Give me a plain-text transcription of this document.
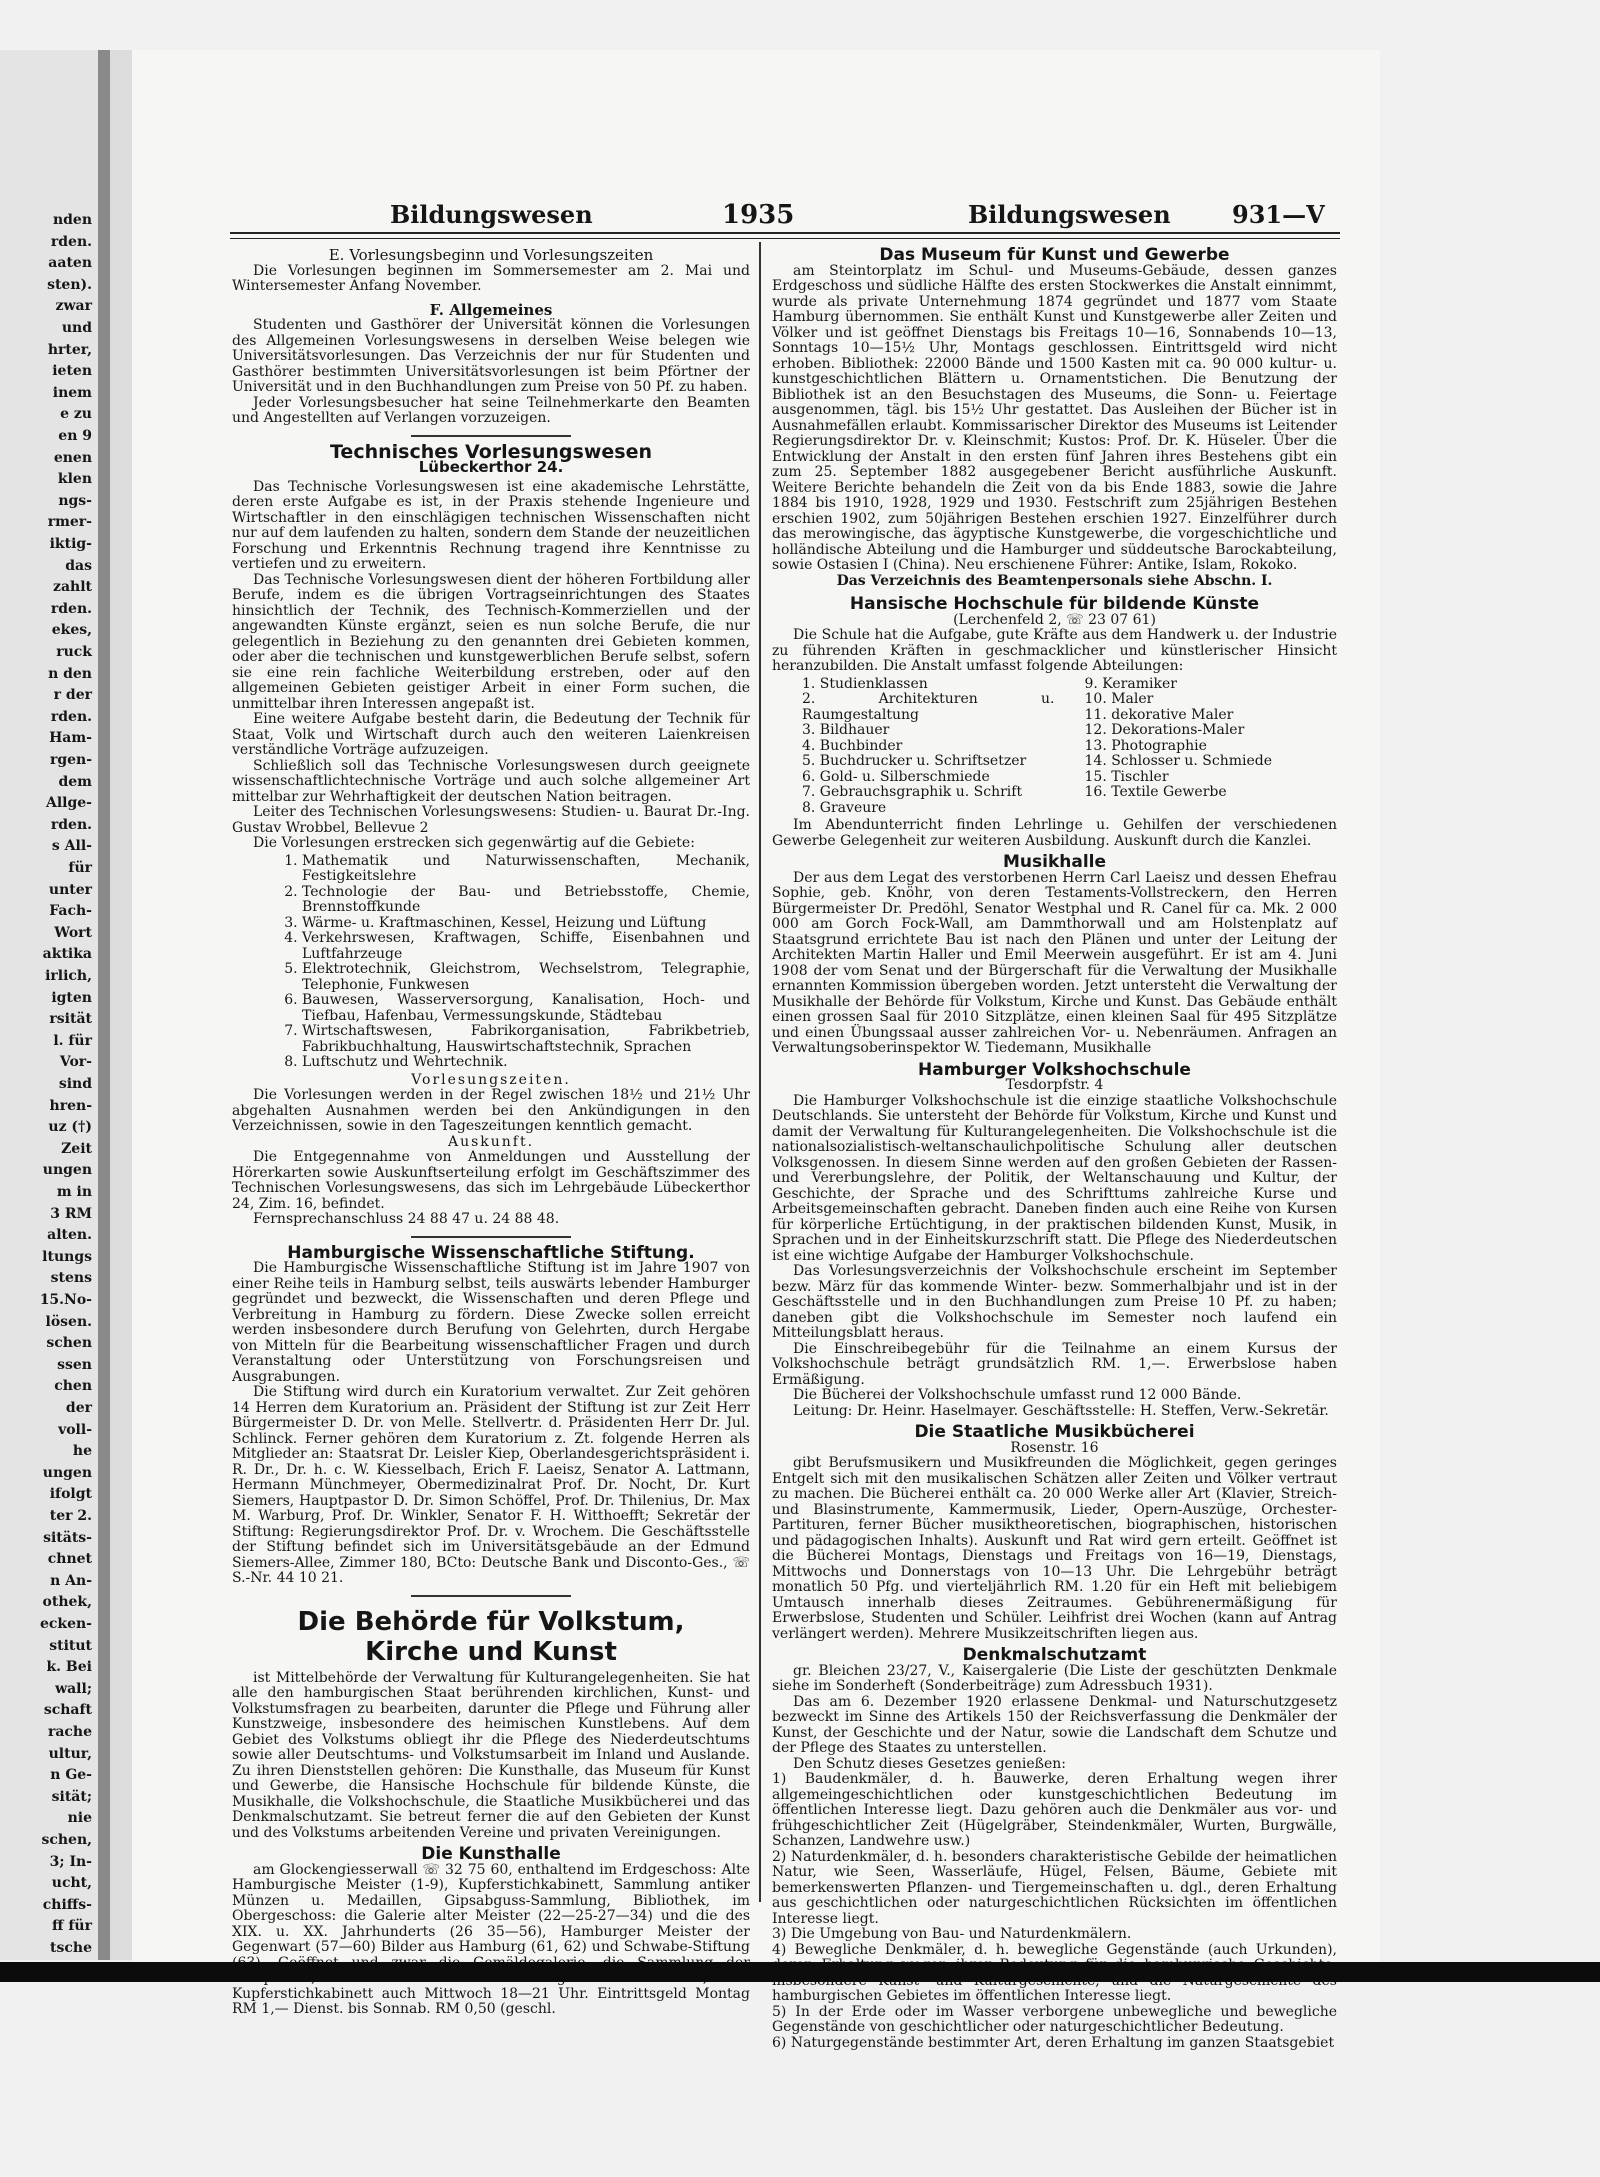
nden
rden.
aaten
sten).
zwar
und
hrter,
ieten
inem
e zu
en 9
enen
klen
ngs-
rmer-
iktig-
das
zahlt
rden.
ekes,
ruck
n den
r der
rden.
Ham-
rgen-
dem
Allge-
rden.
s All-
für
unter
Fach-
Wort
aktika
irlich,
igten
rsität
l. für
Vor-
sind
hren-
uz (†)
Zeit
ungen
m in
3 RM
alten.
ltungs
stens
15.No-
lösen.
schen
ssen
chen
der
voll-
he
ungen
ifolgt
ter 2.
sitäts-
chnet
n An-
othek,
ecken-
stitut
k. Bei
wall;
schaft
rache
ultur,
n Ge-
sität;
nie
schen,
3; In-
ucht,
chiffs-
ff für
tsche
Bildungswesen	1935	Bildungswesen	931—V
E. Vorlesungsbeginn und Vorlesungszeiten

Die Vorlesungen beginnen im Sommersemester am 2. Mai und Wintersemester Anfang November.

F. Allgemeines

Studenten und Gasthörer der Universität können die Vorlesungen des Allgemeinen Vorlesungswesens in derselben Weise belegen wie Universitätsvorlesungen. Das Verzeichnis der nur für Studenten und Gasthörer bestimmten Universitätsvorlesungen ist beim Pförtner der Universität und in den Buchhandlungen zum Preise von 50 Pf. zu haben.

Jeder Vorlesungsbesucher hat seine Teilnehmerkarte den Beamten und Angestellten auf Verlangen vorzuzeigen.

Technisches Vorlesungswesen
Lübeckerthor 24.

Das Technische Vorlesungswesen ist eine akademische Lehrstätte, deren erste Aufgabe es ist, in der Praxis stehende Ingenieure und Wirtschaftler in den einschlägigen technischen Wissenschaften nicht nur auf dem laufenden zu halten, sondern dem Stande der neuzeitlichen Forschung und Erkenntnis Rechnung tragend ihre Kenntnisse zu vertiefen und zu erweitern.

Das Technische Vorlesungswesen dient der höheren Fortbildung aller Berufe, indem es die übrigen Vortragseinrichtungen des Staates hinsichtlich der Technik, des Technisch-Kommerziellen und der angewandten Künste ergänzt, seien es nun solche Berufe, die nur gelegentlich in Beziehung zu den genannten drei Gebieten kommen, oder aber die technischen und kunstgewerblichen Berufe selbst, sofern sie eine rein fachliche Weiterbildung erstreben, oder auf den allgemeinen Gebieten geistiger Arbeit in einer Form suchen, die unmittelbar ihren Interessen angepaßt ist.

Eine weitere Aufgabe besteht darin, die Bedeutung der Technik für Staat, Volk und Wirtschaft durch auch den weiteren Laienkreisen verständliche Vorträge aufzuzeigen.

Schließlich soll das Technische Vorlesungswesen durch geeignete wissenschaftlichtechnische Vorträge und auch solche allgemeiner Art mittelbar zur Wehrhaftigkeit der deutschen Nation beitragen.

Leiter des Technischen Vorlesungswesens: Studien- u. Baurat Dr.-Ing. Gustav Wrobbel, Bellevue 2

Die Vorlesungen erstrecken sich gegenwärtig auf die Gebiete:

1. Mathematik und Naturwissenschaften, Mechanik, Festigkeitslehre
2. Technologie der Bau- und Betriebsstoffe, Chemie, Brennstoffkunde
3. Wärme- u. Kraftmaschinen, Kessel, Heizung und Lüftung
4. Verkehrswesen, Kraftwagen, Schiffe, Eisenbahnen und Luftfahrzeuge
5. Elektrotechnik, Gleichstrom, Wechselstrom, Telegraphie, Telephonie, Funkwesen
6. Bauwesen, Wasserversorgung, Kanalisation, Hoch- und Tiefbau, Hafenbau, Vermessungskunde, Städtebau
7. Wirtschaftswesen, Fabrikorganisation, Fabrikbetrieb, Fabrikbuchhaltung, Hauswirtschaftstechnik, Sprachen
8. Luftschutz und Wehrtechnik.
Vorlesungszeiten.

Die Vorlesungen werden in der Regel zwischen 18½ und 21½ Uhr abgehalten Ausnahmen werden bei den Ankündigungen in den Verzeichnissen, sowie in den Tageszeitungen kenntlich gemacht.

Auskunft.

Die Entgegennahme von Anmeldungen und Ausstellung der Hörerkarten sowie Auskunftserteilung erfolgt im Geschäftszimmer des Technischen Vorlesungswesens, das sich im Lehrgebäude Lübeckerthor 24, Zim. 16, befindet.

Fernsprechanschluss 24 88 47 u. 24 88 48.

Hamburgische Wissenschaftliche Stiftung.

Die Hamburgische Wissenschaftliche Stiftung ist im Jahre 1907 von einer Reihe teils in Hamburg selbst, teils auswärts lebender Hamburger gegründet und bezweckt, die Wissenschaften und deren Pflege und Verbreitung in Hamburg zu fördern. Diese Zwecke sollen erreicht werden insbesondere durch Berufung von Gelehrten, durch Hergabe von Mitteln für die Bearbeitung wissenschaftlicher Fragen und durch Veranstaltung oder Unterstützung von Forschungsreisen und Ausgrabungen.

Die Stiftung wird durch ein Kuratorium verwaltet. Zur Zeit gehören 14 Herren dem Kuratorium an. Präsident der Stiftung ist zur Zeit Herr Bürgermeister D. Dr. von Melle. Stellvertr. d. Präsidenten Herr Dr. Jul. Schlinck. Ferner gehören dem Kuratorium z. Zt. folgende Herren als Mitglieder an: Staatsrat Dr. Leisler Kiep, Oberlandesgerichtspräsident i. R. Dr., Dr. h. c. W. Kiesselbach, Erich F. Laeisz, Senator A. Lattmann, Hermann Münchmeyer, Obermedizinalrat Prof. Dr. Nocht, Dr. Kurt Siemers, Hauptpastor D. Dr. Simon Schöffel, Prof. Dr. Thilenius, Dr. Max M. Warburg, Prof. Dr. Winkler, Senator F. H. Witthoefft; Sekretär der Stiftung: Regierungsdirektor Prof. Dr. v. Wrochem. Die Geschäftsstelle der Stiftung befindet sich im Universitätsgebäude an der Edmund Siemers-Allee, Zimmer 180, BCto: Deutsche Bank und Disconto-Ges., ☏ S.-Nr. 44 10 21.

Die Behörde für Volkstum,
Kirche und Kunst

ist Mittelbehörde der Verwaltung für Kulturangelegenheiten. Sie hat alle den hamburgischen Staat berührenden kirchlichen, Kunst- und Volkstumsfragen zu bearbeiten, darunter die Pflege und Führung aller Kunstzweige, insbesondere des heimischen Kunstlebens. Auf dem Gebiet des Volkstums obliegt ihr die Pflege des Niederdeutschtums sowie aller Deutschtums- und Volkstumsarbeit im Inland und Auslande. Zu ihren Dienststellen gehören: Die Kunsthalle, das Museum für Kunst und Gewerbe, die Hansische Hochschule für bildende Künste, die Musikhalle, die Volkshochschule, die Staatliche Musikbücherei und das Denkmalschutzamt. Sie betreut ferner die auf den Gebieten der Kunst und des Volkstums arbeitenden Vereine und privaten Vereinigungen.

Die Kunsthalle

am Glockengiesserwall ☏ 32 75 60, enthaltend im Erdgeschoss: Alte Hamburgische Meister (1-9), Kupferstichkabinett, Sammlung antiker Münzen u. Medaillen, Gipsabguss-Sammlung, Bibliothek, im Obergeschoss: die Galerie alter Meister (22—25-27—34) und die des XIX. u. XX. Jahrhunderts (26 35—56), Hamburger Meister der Gegenwart (57—60) Bilder aus Hamburg (61, 62) und Schwabe-Stiftung Kupferstichkabinett auch Mittwoch 18—21 Uhr. Eintrittsgeld Montag RM 1,— Dienst. bis Sonnab. RM 0,50 (geschl.

Das Museum für Kunst und Gewerbe

am Steintorplatz im Schul- und Museums-Gebäude, dessen ganzes Erdgeschoss und südliche Hälfte des ersten Stockwerkes die Anstalt einnimmt, wurde als private Unternehmung 1874 gegründet und 1877 vom Staate Hamburg übernommen. Sie enthält Kunst und Kunstgewerbe aller Zeiten und Völker und ist geöffnet Dienstags bis Freitags 10—16, Sonnabends 10—13, Sonntags 10—15½ Uhr, Montags geschlossen. Eintrittsgeld wird nicht erhoben. Bibliothek: 22000 Bände und 1500 Kasten mit ca. 90 000 kultur- u. kunstgeschichtlichen Blättern u. Ornamentstichen. Die Benutzung der Bibliothek ist an den Besuchstagen des Museums, die Sonn- u. Feiertage ausgenommen, tägl. bis 15½ Uhr gestattet. Das Ausleihen der Bücher ist in Ausnahmefällen erlaubt. Kommissarischer Direktor des Museums ist Leitender Regierungsdirektor Dr. v. Kleinschmit; Kustos: Prof. Dr. K. Hüseler. Über die Entwicklung der Anstalt in den ersten fünf Jahren ihres Bestehens gibt ein zum 25. September 1882 ausgegebener Bericht ausführliche Auskunft. Weitere Berichte behandeln die Zeit von da bis Ende 1883, sowie die Jahre 1884 bis 1910, 1928, 1929 und 1930. Festschrift zum 25jährigen Bestehen erschien 1902, zum 50jährigen Bestehen erschien 1927. Einzelführer durch das merowingische, das ägyptische Kunstgewerbe, die vorgeschichtliche und holländische Abteilung und die Hamburger und süddeutsche Barockabteilung, sowie Ostasien I (China). Neu erschienene Führer: Antike, Islam, Rokoko.

Das Verzeichnis des Beamtenpersonals siehe Abschn. I.
Hansische Hochschule für bildende Künste
(Lerchenfeld 2, ☏ 23 07 61)

Die Schule hat die Aufgabe, gute Kräfte aus dem Handwerk u. der Industrie zu führenden Kräften in geschmacklicher und künstlerischer Hinsicht heranzubilden. Die Anstalt umfasst folgende Abteilungen:

1. Studienklassen
2. Architekturen u. Raumgestaltung
3. Bildhauer
4. Buchbinder
5. Buchdrucker u. Schriftsetzer
6. Gold- u. Silberschmiede
7. Gebrauchsgraphik u. Schrift
8. Graveure
9. Keramiker
10. Maler
11. dekorative Maler
12. Dekorations-Maler
13. Photographie
14. Schlosser u. Schmiede
15. Tischler
16. Textile Gewerbe

Im Abendunterricht finden Lehrlinge u. Gehilfen der verschiedenen Gewerbe Gelegenheit zur weiteren Ausbildung. Auskunft durch die Kanzlei.

Musikhalle

Der aus dem Legat des verstorbenen Herrn Carl Laeisz und dessen Ehefrau Sophie, geb. Knöhr, von deren Testaments-Vollstreckern, den Herren Bürgermeister Dr. Predöhl, Senator Westphal und R. Canel für ca. Mk. 2 000 000 am Gorch Fock-Wall, am Dammthorwall und am Holstenplatz auf Staatsgrund errichtete Bau ist nach den Plänen und unter der Leitung der Architekten Martin Haller und Emil Meerwein ausgeführt. Er ist am 4. Juni 1908 der vom Senat und der Bürgerschaft für die Verwaltung der Musikhalle ernannten Kommission übergeben worden. Jetzt untersteht die Verwaltung der Musikhalle der Behörde für Volkstum, Kirche und Kunst. Das Gebäude enthält einen grossen Saal für 2010 Sitzplätze, einen kleinen Saal für 495 Sitzplätze und einen Übungssaal ausser zahlreichen Vor- u. Nebenräumen. Anfragen an Verwaltungsoberinspektor W. Tiedemann, Musikhalle

Hamburger Volkshochschule
Tesdorpfstr. 4

Die Hamburger Volkshochschule ist die einzige staatliche Volkshochschule Deutschlands. Sie untersteht der Behörde für Volkstum, Kirche und Kunst und damit der Verwaltung für Kulturangelegenheiten. Die Volkshochschule ist die nationalsozialistisch-weltanschaulichpolitische Schulung aller deutschen Volksgenossen. In diesem Sinne werden auf den großen Gebieten der Rassen- und Vererbungslehre, der Politik, der Weltanschauung und Kultur, der Geschichte, der Sprache und des Schrifttums zahlreiche Kurse und Arbeitsgemeinschaften gebracht. Daneben finden auch eine Reihe von Kursen für körperliche Ertüchtigung, in der praktischen bildenden Kunst, Musik, in Sprachen und in der Einheitskurzschrift statt. Die Pflege des Niederdeutschen ist eine wichtige Aufgabe der Hamburger Volkshochschule.

Das Vorlesungsverzeichnis der Volkshochschule erscheint im September bezw. März für das kommende Winter- bezw. Sommerhalbjahr und ist in der Geschäftsstelle und in den Buchhandlungen zum Preise 10 Pf. zu haben; daneben gibt die Volkshochschule im Semester noch laufend ein Mitteilungsblatt heraus.

Die Einschreibegebühr für die Teilnahme an einem Kursus der Volkshochschule beträgt grundsätzlich RM. 1,—. Erwerbslose haben Ermäßigung.

Die Bücherei der Volkshochschule umfasst rund 12 000 Bände.

Leitung: Dr. Heinr. Haselmayer. Geschäftsstelle: H. Steffen, Verw.-Sekretär.

Die Staatliche Musikbücherei
Rosenstr. 16

gibt Berufsmusikern und Musikfreunden die Möglichkeit, gegen geringes Entgelt sich mit den musikalischen Schätzen aller Zeiten und Völker vertraut zu machen. Die Bücherei enthält ca. 20 000 Werke aller Art (Klavier, Streich- und Blasinstrumente, Kammermusik, Lieder, Opern-Auszüge, Orchester-Partituren, ferner Bücher musiktheoretischen, biographischen, historischen und pädagogischen Inhalts). Auskunft und Rat wird gern erteilt. Geöffnet ist die Bücherei Montags, Dienstags und Freitags von 16—19, Dienstags, Mittwochs und Donnerstags von 10—13 Uhr. Die Lehrgebühr beträgt monatlich 50 Pfg. und vierteljährlich RM. 1.20 für ein Heft mit beliebigem Umtausch innerhalb dieses Zeitraumes. Gebührenermäßigung für Erwerbslose, Studenten und Schüler. Leihfrist drei Wochen (kann auf Antrag verlängert werden). Mehrere Musikzeitschriften liegen aus.

Denkmalschutzamt

gr. Bleichen 23/27, V., Kaisergalerie (Die Liste der geschützten Denkmale siehe im Sonderheft (Sonderbeiträge) zum Adressbuch 1931).

Das am 6. Dezember 1920 erlassene Denkmal- und Naturschutzgesetz bezweckt im Sinne des Artikels 150 der Reichsverfassung die Denkmäler der Kunst, der Geschichte und der Natur, sowie die Landschaft dem Schutze und der Pflege des Staates zu unterstellen.

Den Schutz dieses Gesetzes genießen:

1) Baudenkmäler, d. h. Bauwerke, deren Erhaltung wegen ihrer allgemeingeschichtlichen oder kunstgeschichtlichen Bedeutung im öffentlichen Interesse liegt. Dazu gehören auch die Denkmäler aus vor- und frühgeschichtlicher Zeit (Hügelgräber, Steindenkmäler, Wurten, Burgwälle, Schanzen, Landwehre usw.)
2) Naturdenkmäler, d. h. besonders charakteristische Gebilde der heimatlichen Natur, wie Seen, Wasserläufe, Hügel, Felsen, Bäume, Gebiete mit bemerkenswerten Pflanzen- und Tiergemeinschaften u. dgl., deren Erhaltung aus geschichtlichen oder naturgeschichtlichen Rücksichten im öffentlichen Interesse liegt.
3) Die Umgebung von Bau- und Naturdenkmälern.
4) Bewegliche Denkmäler, d. h. bewegliche Gegenstände (auch Urkunden), hamburgischen Gebietes im öffentlichen Interesse liegt.
5) In der Erde oder im Wasser verborgene unbewegliche und bewegliche Gegenstände von geschichtlicher oder naturgeschichtlicher Bedeutung.
6) Naturgegenstände bestimmter Art, deren Erhaltung im ganzen Staatsgebiet
